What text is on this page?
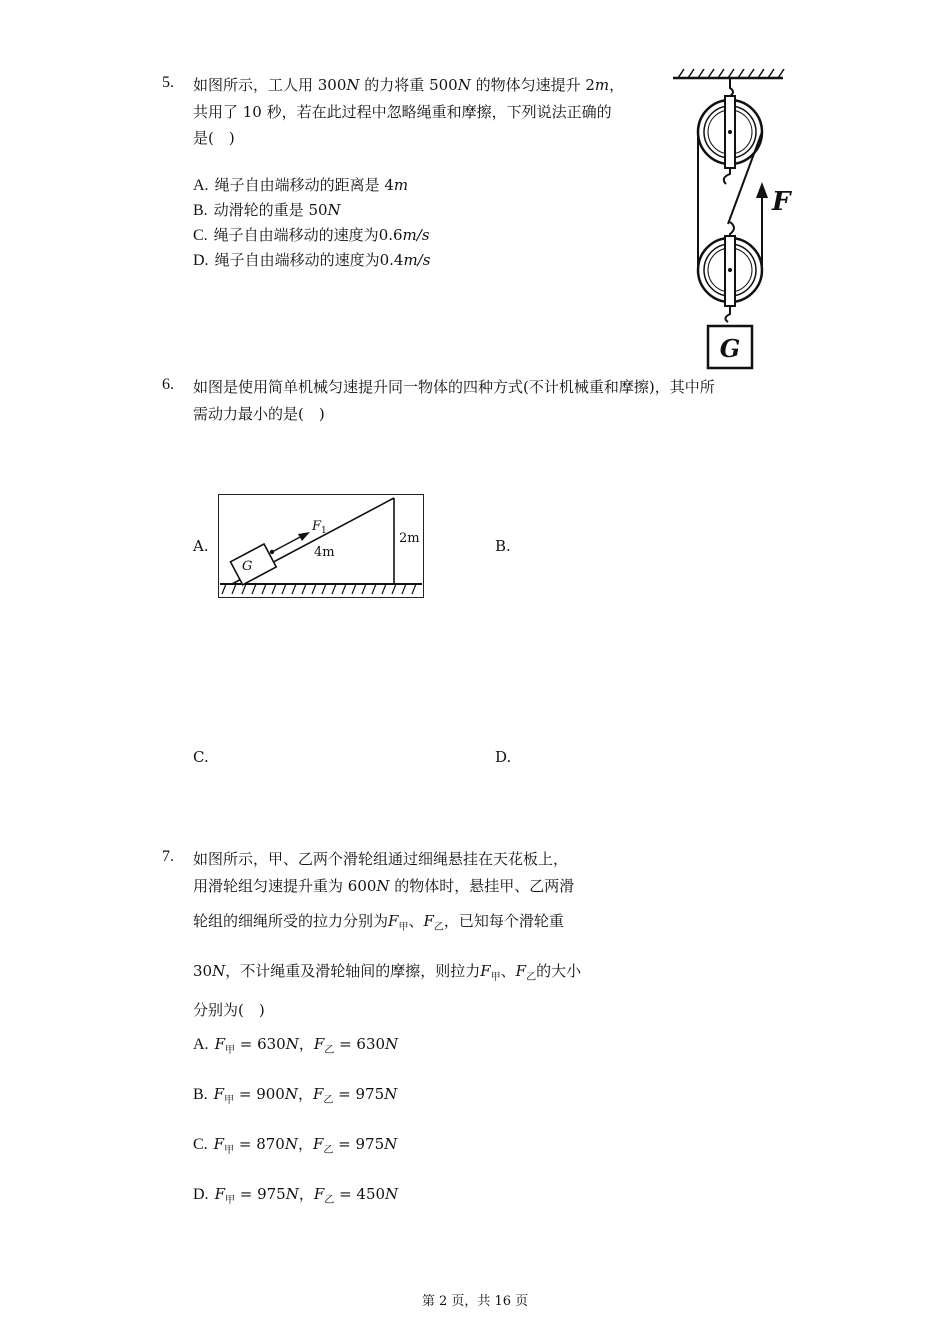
5. 如图所示，工人用 300N 的力将重 500N 的物体匀速提升 2m，
共用了 10 秒，若在此过程中忽略绳重和摩擦，下列说法正确的
是(　)
A. 绳子自由端移动的距离是 4m
B. 动滑轮的重是 50N
C. 绳子自由端移动的速度为0.6m/s
D. 绳子自由端移动的速度为0.4m/s
F
G
6. 如图是使用简单机械匀速提升同一物体的四种方式(不计机械重和摩擦)，其中所
需动力最小的是(　)
A.	B.
C.	D.
G
$F_1$
4m
2m
7. 如图所示，甲、乙两个滑轮组通过细绳悬挂在天花板上，
用滑轮组匀速提升重为 600N 的物体时，悬挂甲、乙两滑
轮组的细绳所受的拉力分别为$F_甲$、$F_乙$，已知每个滑轮重
30N，不计绳重及滑轮轴间的摩擦，则拉力$F_甲$、$F_乙$的大小
分别为(　)
A. $F_甲 = 630N$，$F_乙 = 630N$
B. $F_甲 = 900N$，$F_乙 = 975N$
C. $F_甲 = 870N$，$F_乙 = 975N$
D. $F_甲 = 975N$，$F_乙 = 450N$
第 2 页，共 16 页
